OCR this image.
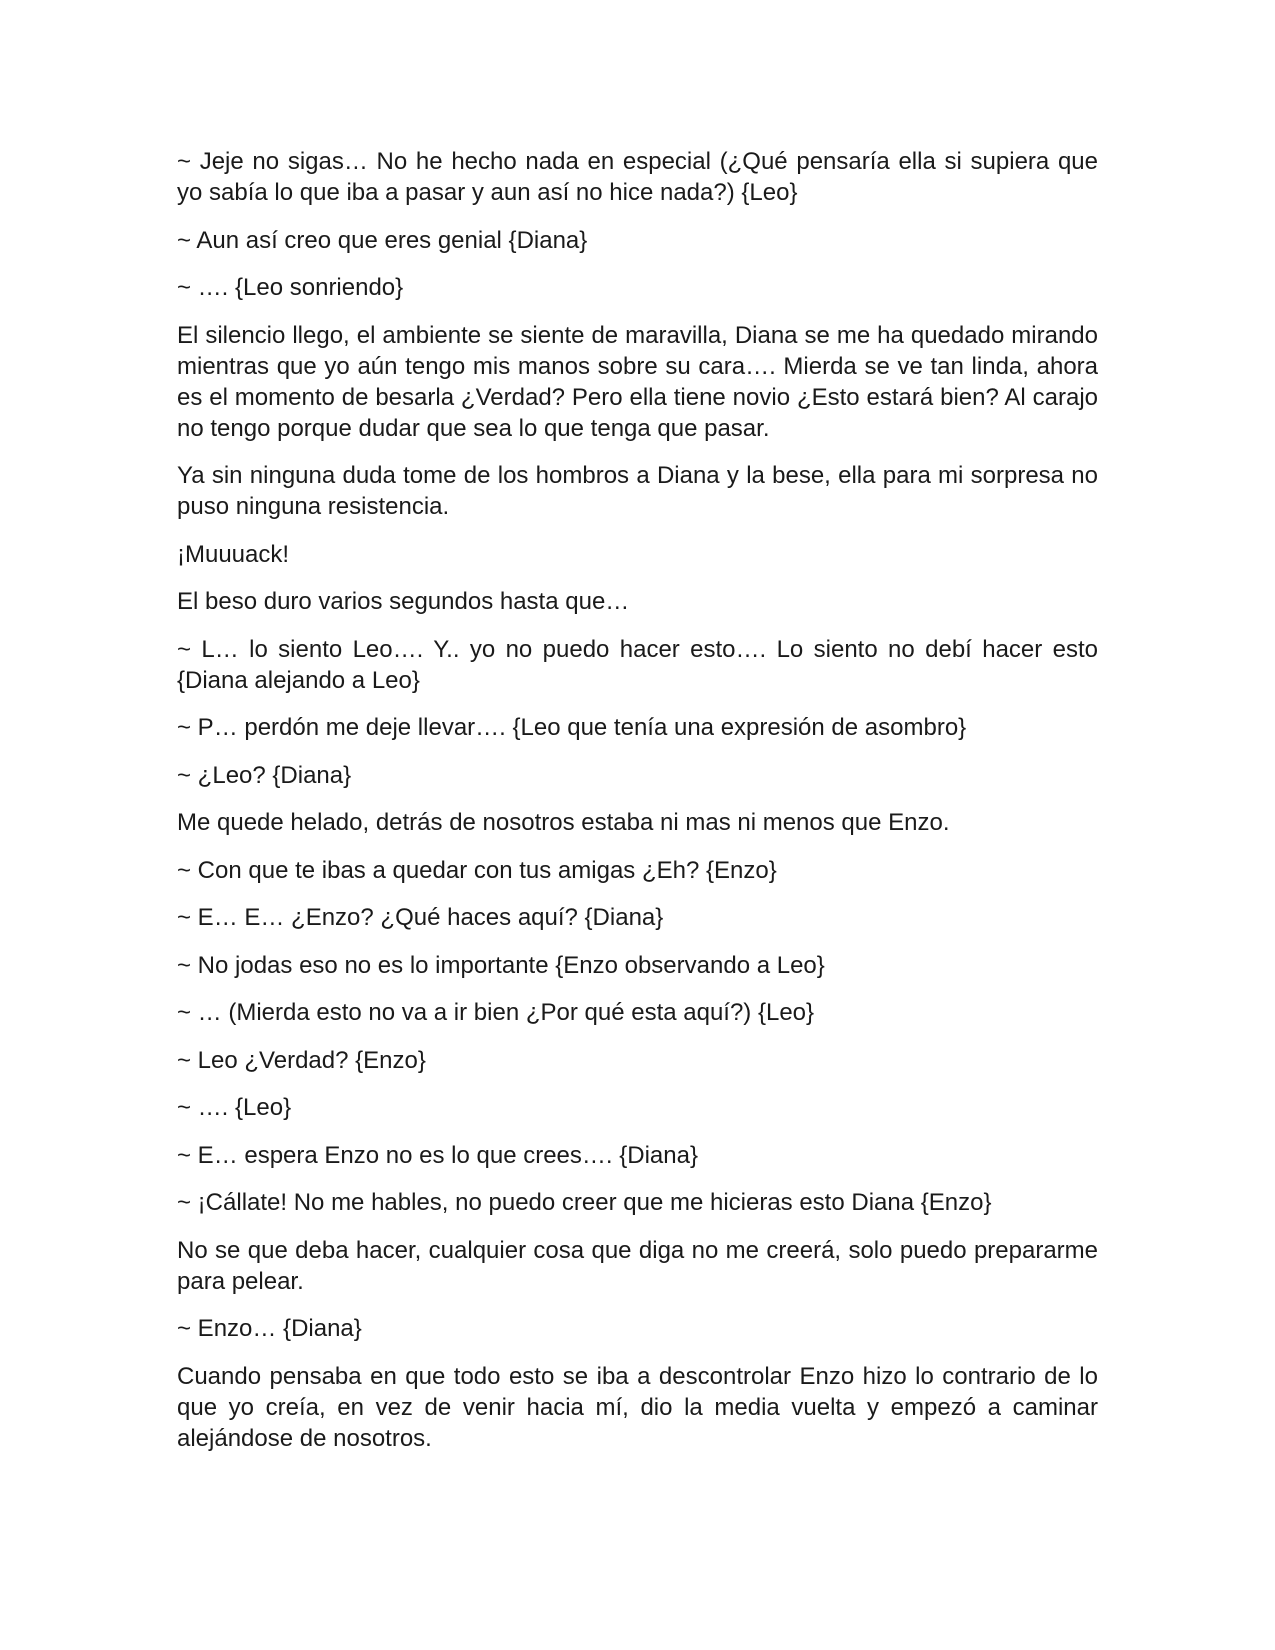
~ Jeje no sigas… No he hecho nada en especial (¿Qué pensaría ella si supiera que yo sabía lo que iba a pasar y aun así no hice nada?) {Leo}

~ Aun así creo que eres genial {Diana}

~ …. {Leo sonriendo}

El silencio llego, el ambiente se siente de maravilla, Diana se me ha quedado mirando mientras que yo aún tengo mis manos sobre su cara…. Mierda se ve tan linda, ahora es el momento de besarla ¿Verdad? Pero ella tiene novio ¿Esto estará bien? Al carajo no tengo porque dudar que sea lo que tenga que pasar.

Ya sin ninguna duda tome de los hombros a Diana y la bese, ella para mi sorpresa no puso ninguna resistencia.

¡Muuuack!

El beso duro varios segundos hasta que…

~ L… lo siento Leo…. Y.. yo no puedo hacer esto…. Lo siento no debí hacer esto {Diana alejando a Leo}

~ P… perdón me deje llevar…. {Leo que tenía una expresión de asombro}

~ ¿Leo? {Diana}

Me quede helado, detrás de nosotros estaba ni mas ni menos que Enzo.

~ Con que te ibas a quedar con tus amigas ¿Eh? {Enzo}

~ E… E… ¿Enzo? ¿Qué haces aquí? {Diana}

~ No jodas eso no es lo importante {Enzo observando a Leo}

~ … (Mierda esto no va a ir bien ¿Por qué esta aquí?) {Leo}

~ Leo ¿Verdad? {Enzo}

~ …. {Leo}

~ E… espera Enzo no es lo que crees…. {Diana}

~ ¡Cállate! No me hables, no puedo creer que me hicieras esto Diana {Enzo}

No se que deba hacer, cualquier cosa que diga no me creerá, solo puedo prepararme para pelear.

~ Enzo… {Diana}

Cuando pensaba en que todo esto se iba a descontrolar Enzo hizo lo contrario de lo que yo creía, en vez de venir hacia mí, dio la media vuelta y empezó a caminar alejándose de nosotros.
